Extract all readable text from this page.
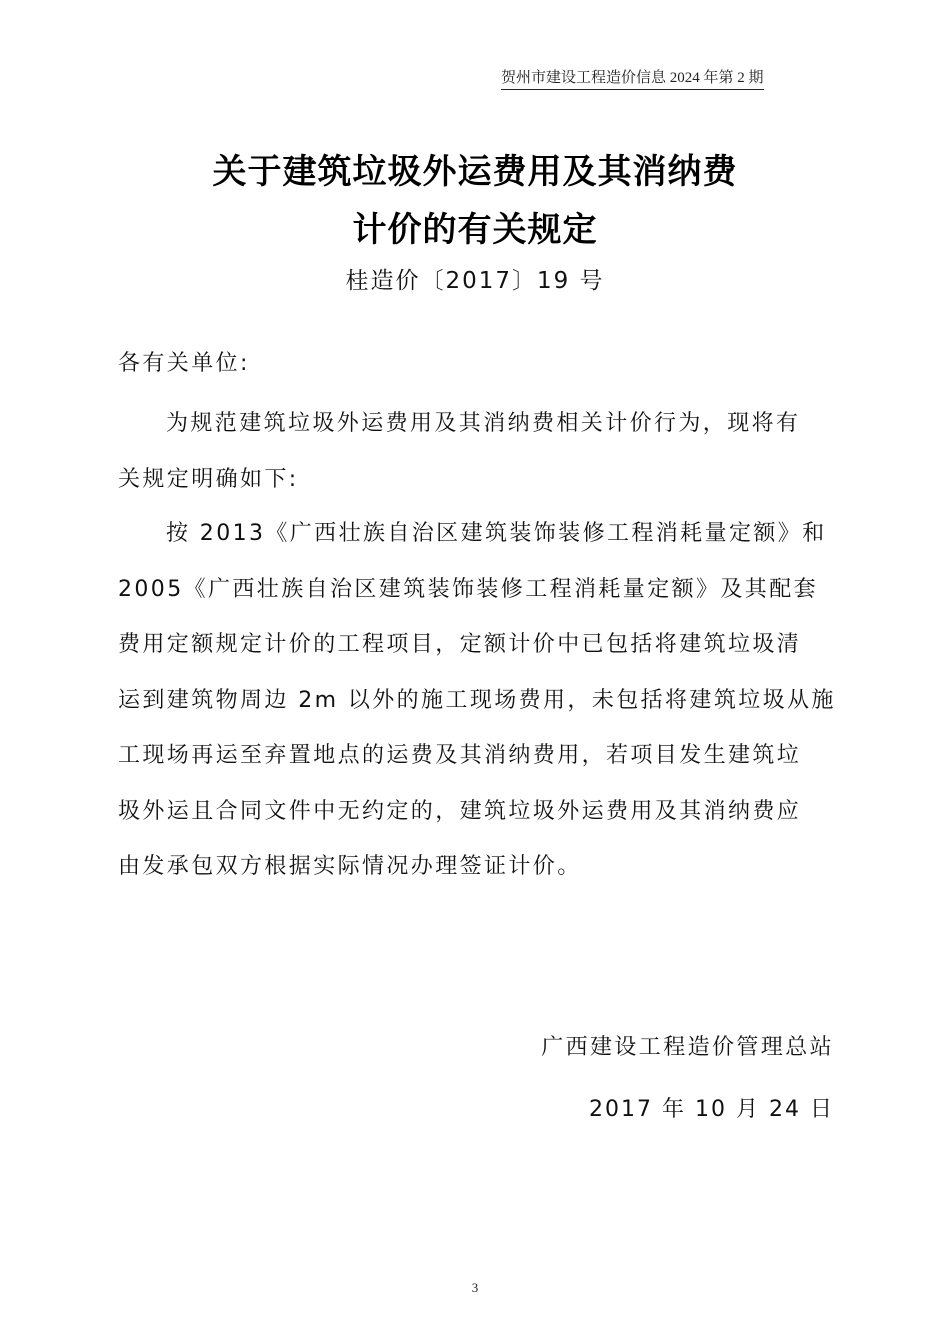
贺州市建设工程造价信息 2024 年第 2 期
关于建筑垃圾外运费用及其消纳费
计价的有关规定
桂造价〔2017〕19 号
各有关单位:
为规范建筑垃圾外运费用及其消纳费相关计价行为，现将有
关规定明确如下:
按 2013《广西壮族自治区建筑装饰装修工程消耗量定额》和
2005《广西壮族自治区建筑装饰装修工程消耗量定额》及其配套
费用定额规定计价的工程项目，定额计价中已包括将建筑垃圾清
运到建筑物周边 2m 以外的施工现场费用，未包括将建筑垃圾从施
工现场再运至弃置地点的运费及其消纳费用，若项目发生建筑垃
圾外运且合同文件中无约定的，建筑垃圾外运费用及其消纳费应
由发承包双方根据实际情况办理签证计价。
广西建设工程造价管理总站
2017 年 10 月 24 日
3
